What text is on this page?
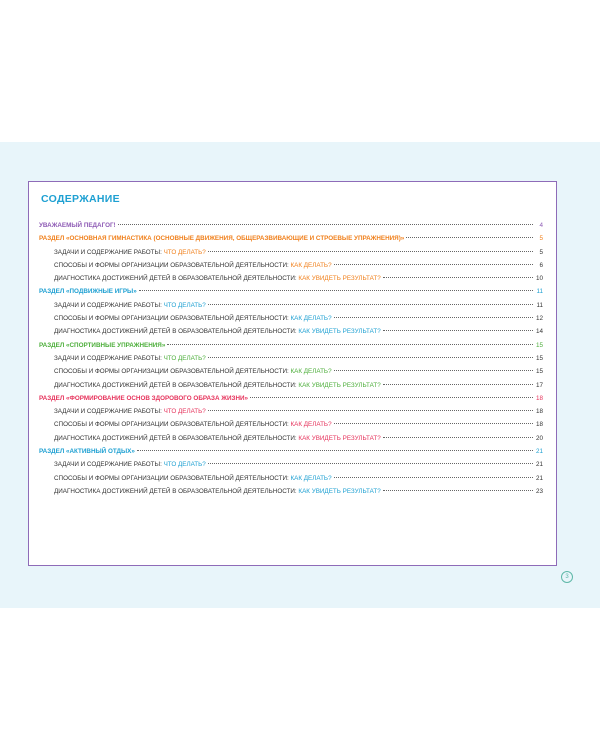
СОДЕРЖАНИЕ
УВАЖАЕМЫЙ ПЕДАГОГ!	4
РАЗДЕЛ «ОСНОВНАЯ ГИМНАСТИКА (ОСНОВНЫЕ ДВИЖЕНИЯ, ОБЩЕРАЗВИВАЮЩИЕ И СТРОЕВЫЕ УПРАЖНЕНИЯ)»	5
ЗАДАЧИ И СОДЕРЖАНИЕ РАБОТЫ: ЧТО ДЕЛАТЬ?	5
СПОСОБЫ И ФОРМЫ ОРГАНИЗАЦИИ ОБРАЗОВАТЕЛЬНОЙ ДЕЯТЕЛЬНОСТИ: КАК ДЕЛАТЬ?	6
ДИАГНОСТИКА ДОСТИЖЕНИЙ ДЕТЕЙ В ОБРАЗОВАТЕЛЬНОЙ ДЕЯТЕЛЬНОСТИ: КАК УВИДЕТЬ РЕЗУЛЬТАТ?	10
РАЗДЕЛ «ПОДВИЖНЫЕ ИГРЫ»	11
ЗАДАЧИ И СОДЕРЖАНИЕ РАБОТЫ: ЧТО ДЕЛАТЬ?	11
СПОСОБЫ И ФОРМЫ ОРГАНИЗАЦИИ ОБРАЗОВАТЕЛЬНОЙ ДЕЯТЕЛЬНОСТИ: КАК ДЕЛАТЬ?	12
ДИАГНОСТИКА ДОСТИЖЕНИЙ ДЕТЕЙ В ОБРАЗОВАТЕЛЬНОЙ ДЕЯТЕЛЬНОСТИ: КАК УВИДЕТЬ РЕЗУЛЬТАТ?	14
РАЗДЕЛ «СПОРТИВНЫЕ УПРАЖНЕНИЯ»	15
ЗАДАЧИ И СОДЕРЖАНИЕ РАБОТЫ: ЧТО ДЕЛАТЬ?	15
СПОСОБЫ И ФОРМЫ ОРГАНИЗАЦИИ ОБРАЗОВАТЕЛЬНОЙ ДЕЯТЕЛЬНОСТИ: КАК ДЕЛАТЬ?	15
ДИАГНОСТИКА ДОСТИЖЕНИЙ ДЕТЕЙ В ОБРАЗОВАТЕЛЬНОЙ ДЕЯТЕЛЬНОСТИ: КАК УВИДЕТЬ РЕЗУЛЬТАТ?	17
РАЗДЕЛ «ФОРМИРОВАНИЕ ОСНОВ ЗДОРОВОГО ОБРАЗА ЖИЗНИ»	18
ЗАДАЧИ И СОДЕРЖАНИЕ РАБОТЫ: ЧТО ДЕЛАТЬ?	18
СПОСОБЫ И ФОРМЫ ОРГАНИЗАЦИИ ОБРАЗОВАТЕЛЬНОЙ ДЕЯТЕЛЬНОСТИ: КАК ДЕЛАТЬ?	18
ДИАГНОСТИКА ДОСТИЖЕНИЙ ДЕТЕЙ В ОБРАЗОВАТЕЛЬНОЙ ДЕЯТЕЛЬНОСТИ: КАК УВИДЕТЬ РЕЗУЛЬТАТ?	20
РАЗДЕЛ «АКТИВНЫЙ ОТДЫХ»	21
ЗАДАЧИ И СОДЕРЖАНИЕ РАБОТЫ: ЧТО ДЕЛАТЬ?	21
СПОСОБЫ И ФОРМЫ ОРГАНИЗАЦИИ ОБРАЗОВАТЕЛЬНОЙ ДЕЯТЕЛЬНОСТИ: КАК ДЕЛАТЬ?	21
ДИАГНОСТИКА ДОСТИЖЕНИЙ ДЕТЕЙ В ОБРАЗОВАТЕЛЬНОЙ ДЕЯТЕЛЬНОСТИ: КАК УВИДЕТЬ РЕЗУЛЬТАТ?	23
3
